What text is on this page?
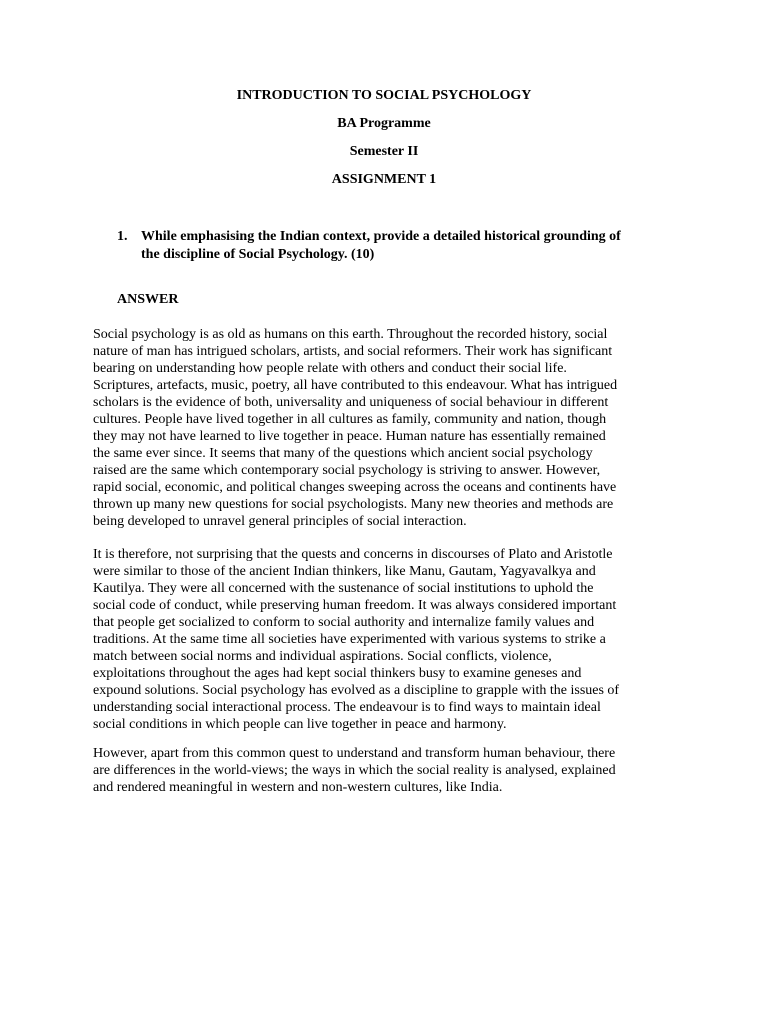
INTRODUCTION TO SOCIAL PSYCHOLOGY
BA Programme
Semester II
ASSIGNMENT 1
1. While emphasising the Indian context, provide a detailed historical grounding of
the discipline of Social Psychology. (10)
ANSWER
Social psychology is as old as humans on this earth. Throughout the recorded history, social
nature of man has intrigued scholars, artists, and social reformers. Their work has significant
bearing on understanding how people relate with others and conduct their social life.
Scriptures, artefacts, music, poetry, all have contributed to this endeavour. What has intrigued
scholars is the evidence of both, universality and uniqueness of social behaviour in different
cultures. People have lived together in all cultures as family, community and nation, though
they may not have learned to live together in peace. Human nature has essentially remained
the same ever since. It seems that many of the questions which ancient social psychology
raised are the same which contemporary social psychology is striving to answer. However,
rapid social, economic, and political changes sweeping across the oceans and continents have
thrown up many new questions for social psychologists. Many new theories and methods are
being developed to unravel general principles of social interaction.
It is therefore, not surprising that the quests and concerns in discourses of Plato and Aristotle
were similar to those of the ancient Indian thinkers, like Manu, Gautam, Yagyavalkya and
Kautilya. They were all concerned with the sustenance of social institutions to uphold the
social code of conduct, while preserving human freedom. It was always considered important
that people get socialized to conform to social authority and internalize family values and
traditions. At the same time all societies have experimented with various systems to strike a
match between social norms and individual aspirations. Social conflicts, violence,
exploitations throughout the ages had kept social thinkers busy to examine geneses and
expound solutions. Social psychology has evolved as a discipline to grapple with the issues of
understanding social interactional process. The endeavour is to find ways to maintain ideal
social conditions in which people can live together in peace and harmony.
However, apart from this common quest to understand and transform human behaviour, there
are differences in the world-views; the ways in which the social reality is analysed, explained
and rendered meaningful in western and non-western cultures, like India.
